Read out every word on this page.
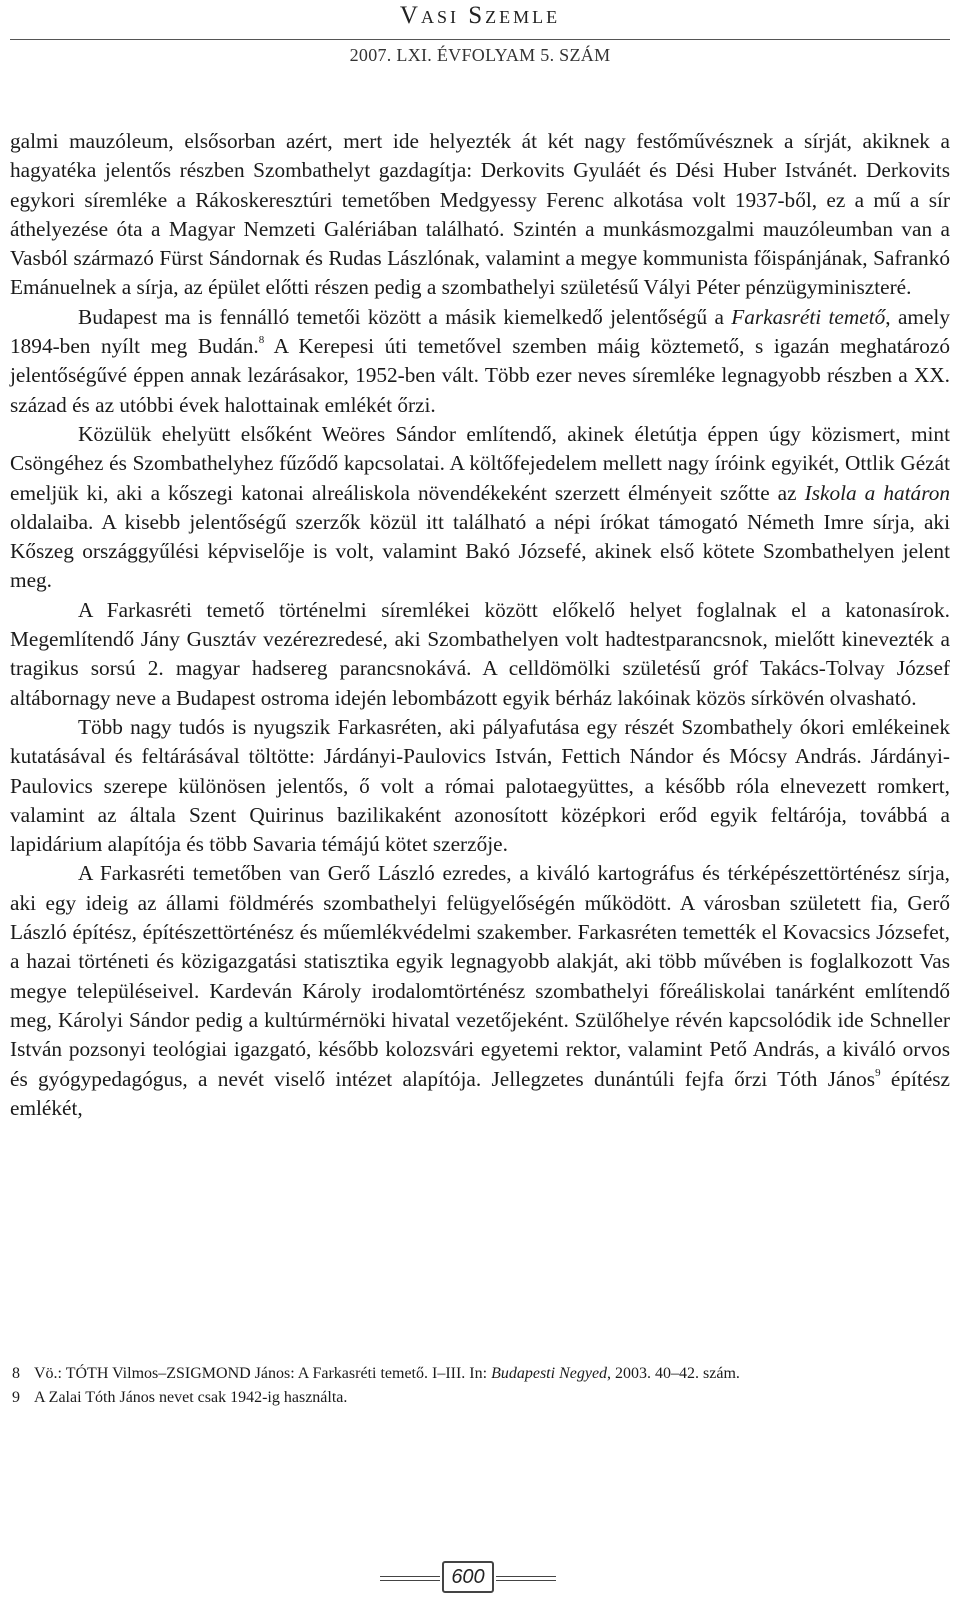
Vasi Szemle
2007. LXI. ÉVFOLYAM 5. SZÁM

galmi mauzóleum, elsősorban azért, mert ide helyezték át két nagy festőművésznek a sírját, akiknek a hagyatéka jelentős részben Szombathelyt gazdagítja: Derkovits Gyuláét és Dési Huber Istvánét. Derkovits egykori síremléke a Rákoskeresztúri temetőben Medgyessy Ferenc alkotása volt 1937-ből, ez a mű a sír áthelyezése óta a Magyar Nemzeti Galériában található. Szintén a munkásmozgalmi mauzóleumban van a Vasból származó Fürst Sándornak és Rudas Lászlónak, valamint a megye kommunista főispánjának, Safrankó Emánuelnek a sírja, az épület előtti részen pedig a szombathelyi születésű Vályi Péter pénzügyminiszteré.

Budapest ma is fennálló temetői között a másik kiemelkedő jelentőségű a Farkasréti temető, amely 1894-ben nyílt meg Budán.$^8$ A Kerepesi úti temetővel szemben máig köztemető, s igazán meghatározó jelentőségűvé éppen annak lezárásakor, 1952-ben vált. Több ezer neves síremléke legnagyobb részben a XX. század és az utóbbi évek halottainak emlékét őrzi.

Közülük ehelyütt elsőként Weöres Sándor említendő, akinek életútja éppen úgy közismert, mint Csöngéhez és Szombathelyhez fűződő kapcsolatai. A költőfejedelem mellett nagy íróink egyikét, Ottlik Gézát emeljük ki, aki a kőszegi katonai alreáliskola növendékeként szerzett élményeit szőtte az Iskola a határon oldalaiba. A kisebb jelentőségű szerzők közül itt található a népi írókat támogató Németh Imre sírja, aki Kőszeg országgyűlési képviselője is volt, valamint Bakó Józsefé, akinek első kötete Szombathelyen jelent meg.

A Farkasréti temető történelmi síremlékei között előkelő helyet foglalnak el a katonasírok. Megemlítendő Jány Gusztáv vezérezredesé, aki Szombathelyen volt hadtestparancsnok, mielőtt kinevezték a tragikus sorsú 2. magyar hadsereg parancsnokává. A celldömölki születésű gróf Takács-Tolvay József altábornagy neve a Budapest ostroma idején lebombázott egyik bérház lakóinak közös sírkövén olvasható.

Több nagy tudós is nyugszik Farkasréten, aki pályafutása egy részét Szombathely ókori emlékeinek kutatásával és feltárásával töltötte: Járdányi-Paulovics István, Fettich Nándor és Mócsy András. Járdányi-Paulovics szerepe különösen jelentős, ő volt a római palotaegyüttes, a később róla elnevezett romkert, valamint az általa Szent Quirinus bazilikaként azonosított középkori erőd egyik feltárója, továbbá a lapidárium alapítója és több Savaria témájú kötet szerzője.

A Farkasréti temetőben van Gerő László ezredes, a kiváló kartográfus és térképészettörténész sírja, aki egy ideig az állami földmérés szombathelyi felügyelőségén működött. A városban született fia, Gerő László építész, építészettörténész és műemlékvédelmi szakember. Farkasréten temették el Kovacsics Józsefet, a hazai történeti és közigazgatási statisztika egyik legnagyobb alakját, aki több művében is foglalkozott Vas megye településeivel. Kardeván Károly irodalomtörténész szombathelyi főreáliskolai tanárként említendő meg, Károlyi Sándor pedig a kultúrmérnöki hivatal vezetőjeként. Szülőhelye révén kapcsolódik ide Schneller István pozsonyi teológiai igazgató, később kolozsvári egyetemi rektor, valamint Pető András, a kiváló orvos és gyógypedagógus, a nevét viselő intézet alapítója. Jellegzetes dunántúli fejfa őrzi Tóth János$^9$ építész emlékét,

8 Vö.: TÓTH Vilmos–ZSIGMOND János: A Farkasréti temető. I–III. In: Budapesti Negyed, 2003. 40–42. szám.
9 A Zalai Tóth János nevet csak 1942-ig használta.
600
